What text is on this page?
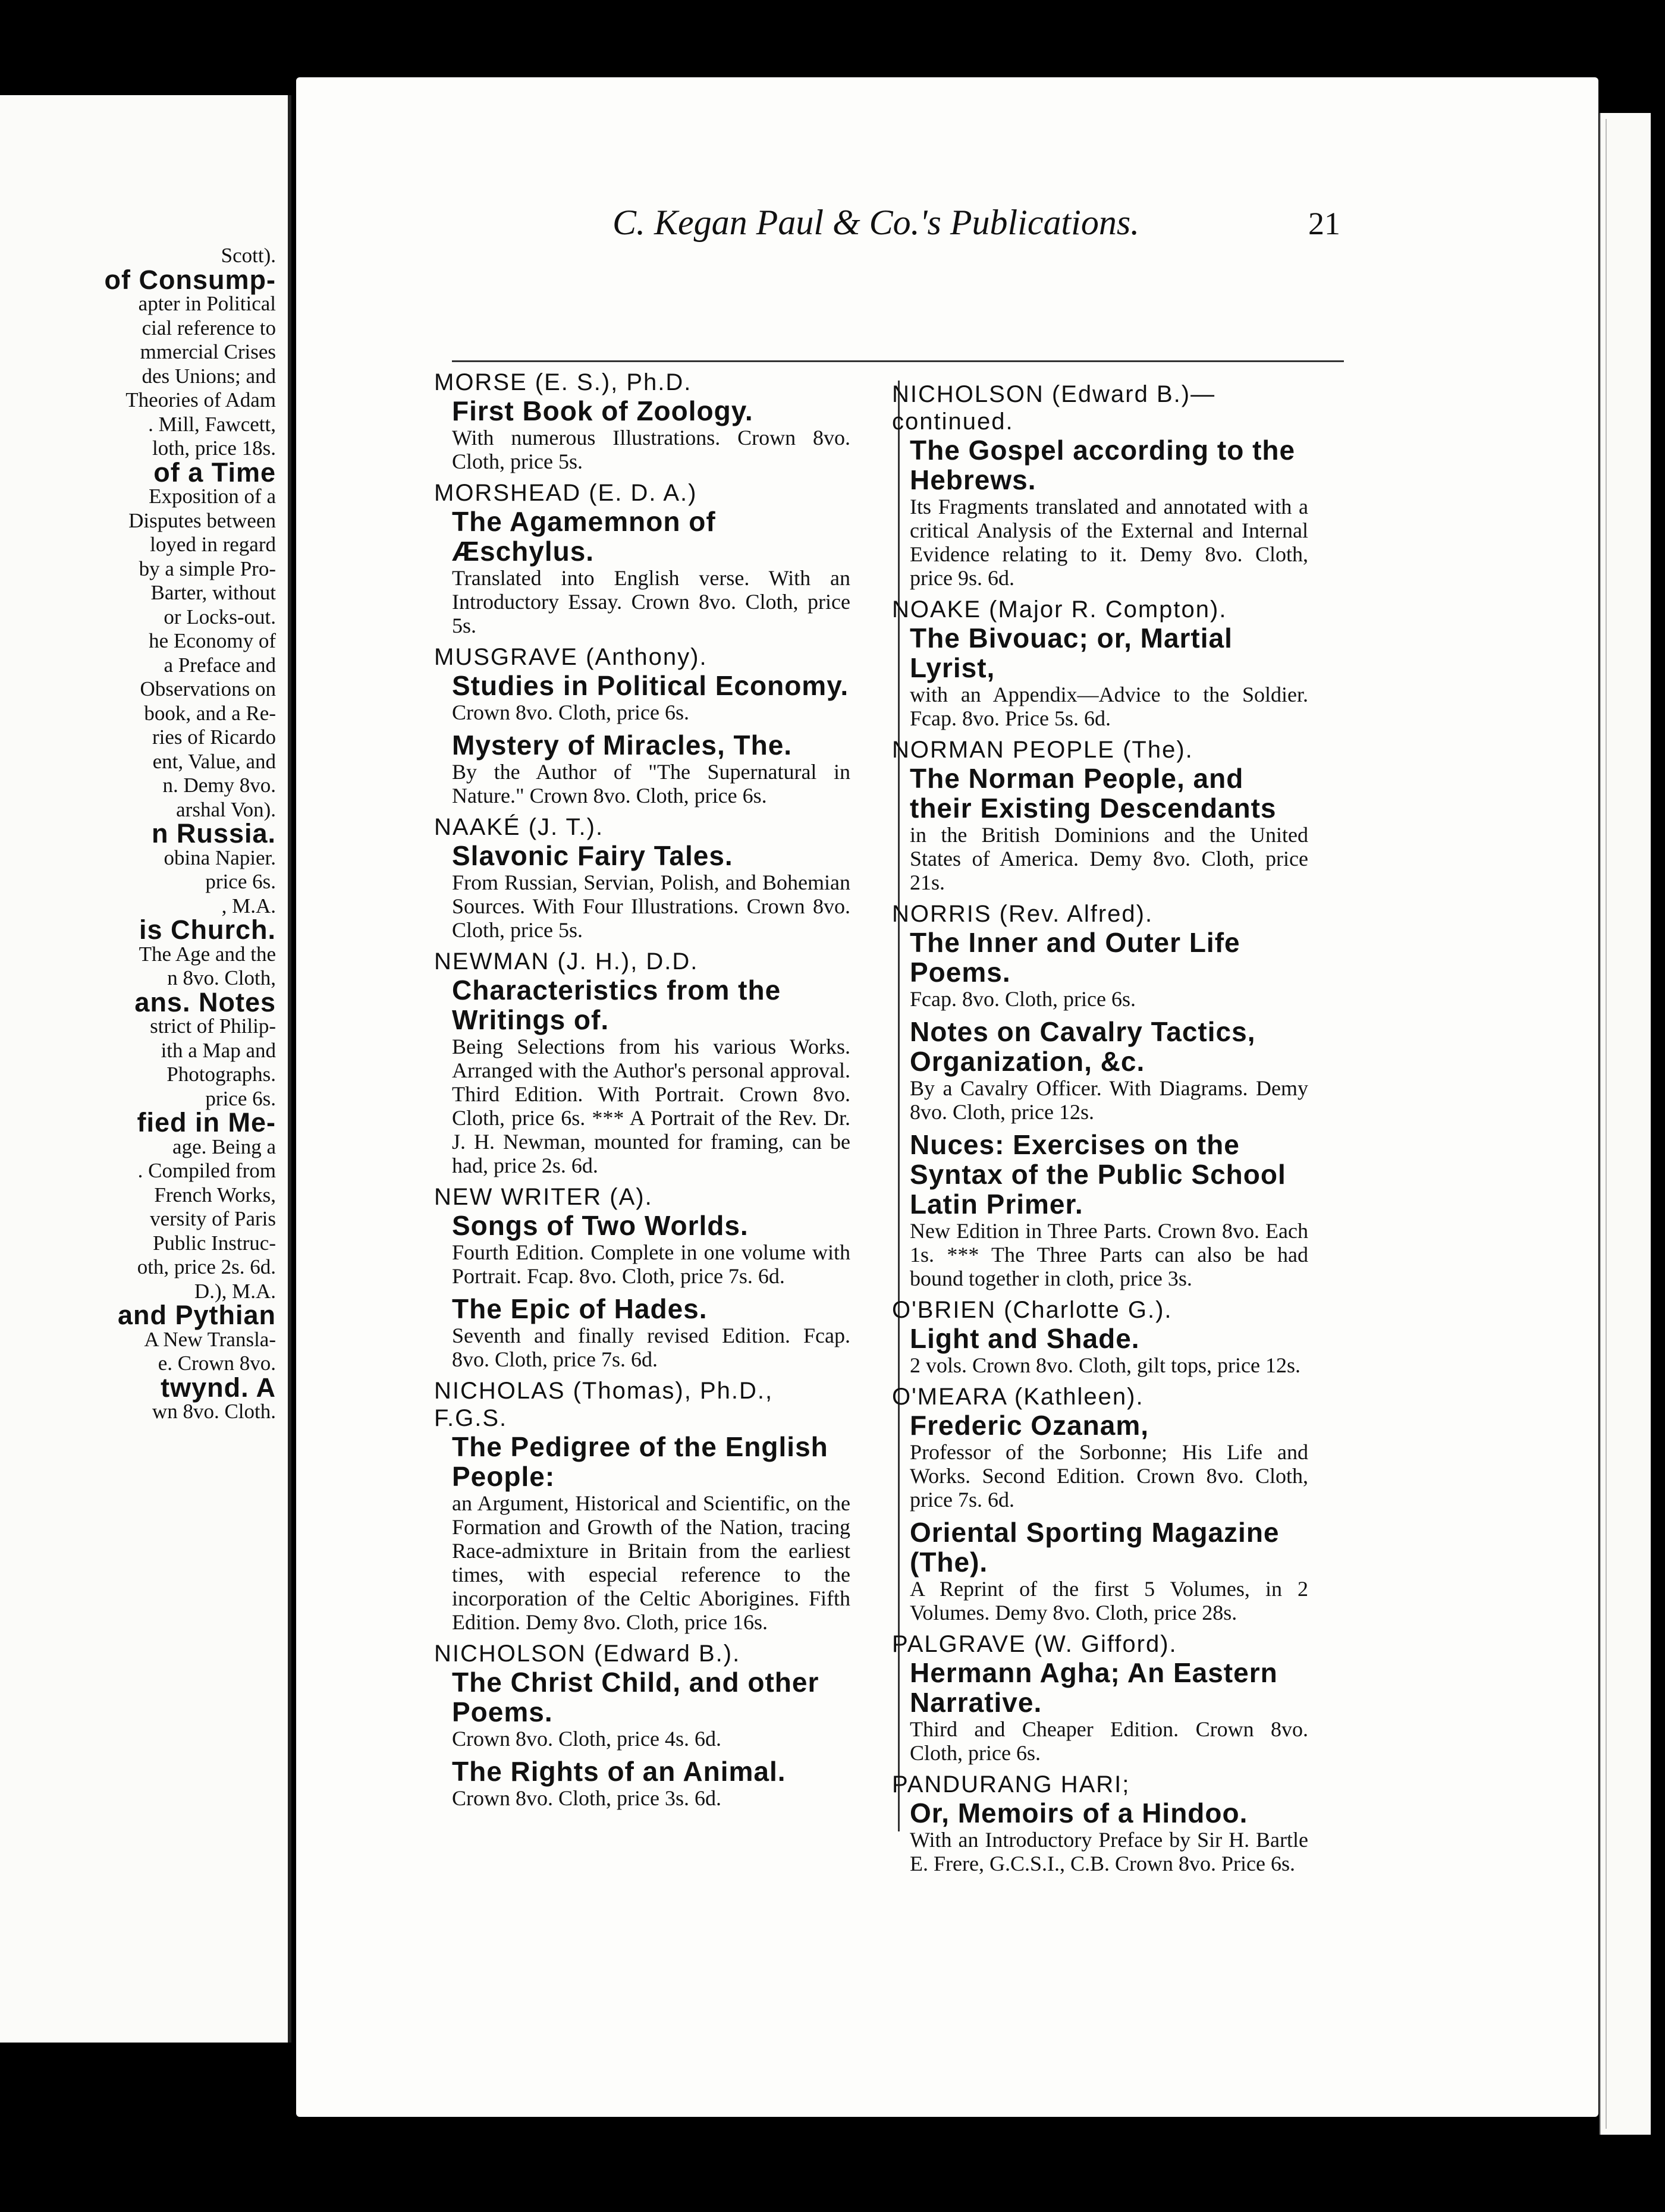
Scott).
of Consump-
apter in Political
cial reference to
mmercial Crises
des Unions; and
Theories of Adam
. Mill, Fawcett,
loth, price 18s.
of a Time
Exposition of a
Disputes between
loyed in regard
by a simple Pro-
Barter, without
or Locks-out.
he Economy of
a Preface and
Observations on
book, and a Re-
ries of Ricardo
ent, Value, and
n. Demy 8vo.
arshal Von).
n Russia.
obina Napier.
price 6s.
, M.A.
is Church.
The Age and the
n 8vo. Cloth,
ans. Notes
strict of Philip-
ith a Map and
Photographs.
price 6s.
fied in Me-
age. Being a
. Compiled from
French Works,
versity of Paris
Public Instruc-
oth, price 2s. 6d.
D.), M.A.
and Pythian
A New Transla-
e. Crown 8vo.
twynd. A
wn 8vo. Cloth.
C. Kegan Paul & Co.'s Publications.	21
MORSE (E. S.), Ph.D.
First Book of Zoology.
With numerous Illustrations. Crown 8vo. Cloth, price 5s.
MORSHEAD (E. D. A.)
The Agamemnon of Æschylus.
Translated into English verse. With an Introductory Essay. Crown 8vo. Cloth, price 5s.
MUSGRAVE (Anthony).
Studies in Political Economy.
Crown 8vo. Cloth, price 6s.
Mystery of Miracles, The.
By the Author of "The Supernatural in Nature." Crown 8vo. Cloth, price 6s.
NAAKÉ (J. T.).
Slavonic Fairy Tales.
From Russian, Servian, Polish, and Bohemian Sources. With Four Illustrations. Crown 8vo. Cloth, price 5s.
NEWMAN (J. H.), D.D.
Characteristics from the Writings of.
Being Selections from his various Works. Arranged with the Author's personal approval. Third Edition. With Portrait. Crown 8vo. Cloth, price 6s. *** A Portrait of the Rev. Dr. J. H. Newman, mounted for framing, can be had, price 2s. 6d.
NEW WRITER (A).
Songs of Two Worlds.
Fourth Edition. Complete in one volume with Portrait. Fcap. 8vo. Cloth, price 7s. 6d.
The Epic of Hades.
Seventh and finally revised Edition. Fcap. 8vo. Cloth, price 7s. 6d.
NICHOLAS (Thomas), Ph.D., F.G.S.
The Pedigree of the English People:
an Argument, Historical and Scientific, on the Formation and Growth of the Nation, tracing Race-admixture in Britain from the earliest times, with especial reference to the incorporation of the Celtic Aborigines. Fifth Edition. Demy 8vo. Cloth, price 16s.
NICHOLSON (Edward B.).
The Christ Child, and other Poems.
Crown 8vo. Cloth, price 4s. 6d.
The Rights of an Animal.
Crown 8vo. Cloth, price 3s. 6d.
NICHOLSON (Edward B.)—continued.
The Gospel according to the Hebrews.
Its Fragments translated and annotated with a critical Analysis of the External and Internal Evidence relating to it. Demy 8vo. Cloth, price 9s. 6d.
NOAKE (Major R. Compton).
The Bivouac; or, Martial Lyrist,
with an Appendix—Advice to the Soldier. Fcap. 8vo. Price 5s. 6d.
NORMAN PEOPLE (The).
The Norman People, and their Existing Descendants
in the British Dominions and the United States of America. Demy 8vo. Cloth, price 21s.
NORRIS (Rev. Alfred).
The Inner and Outer Life Poems.
Fcap. 8vo. Cloth, price 6s.
Notes on Cavalry Tactics, Organization, &c.
By a Cavalry Officer. With Diagrams. Demy 8vo. Cloth, price 12s.
Nuces: Exercises on the Syntax of the Public School Latin Primer.
New Edition in Three Parts. Crown 8vo. Each 1s. *** The Three Parts can also be had bound together in cloth, price 3s.
O'BRIEN (Charlotte G.).
Light and Shade.
2 vols. Crown 8vo. Cloth, gilt tops, price 12s.
O'MEARA (Kathleen).
Frederic Ozanam,
Professor of the Sorbonne; His Life and Works. Second Edition. Crown 8vo. Cloth, price 7s. 6d.
Oriental Sporting Magazine (The).
A Reprint of the first 5 Volumes, in 2 Volumes. Demy 8vo. Cloth, price 28s.
PALGRAVE (W. Gifford).
Hermann Agha; An Eastern Narrative.
Third and Cheaper Edition. Crown 8vo. Cloth, price 6s.
PANDURANG HARI;
Or, Memoirs of a Hindoo.
With an Introductory Preface by Sir H. Bartle E. Frere, G.C.S.I., C.B. Crown 8vo. Price 6s.
